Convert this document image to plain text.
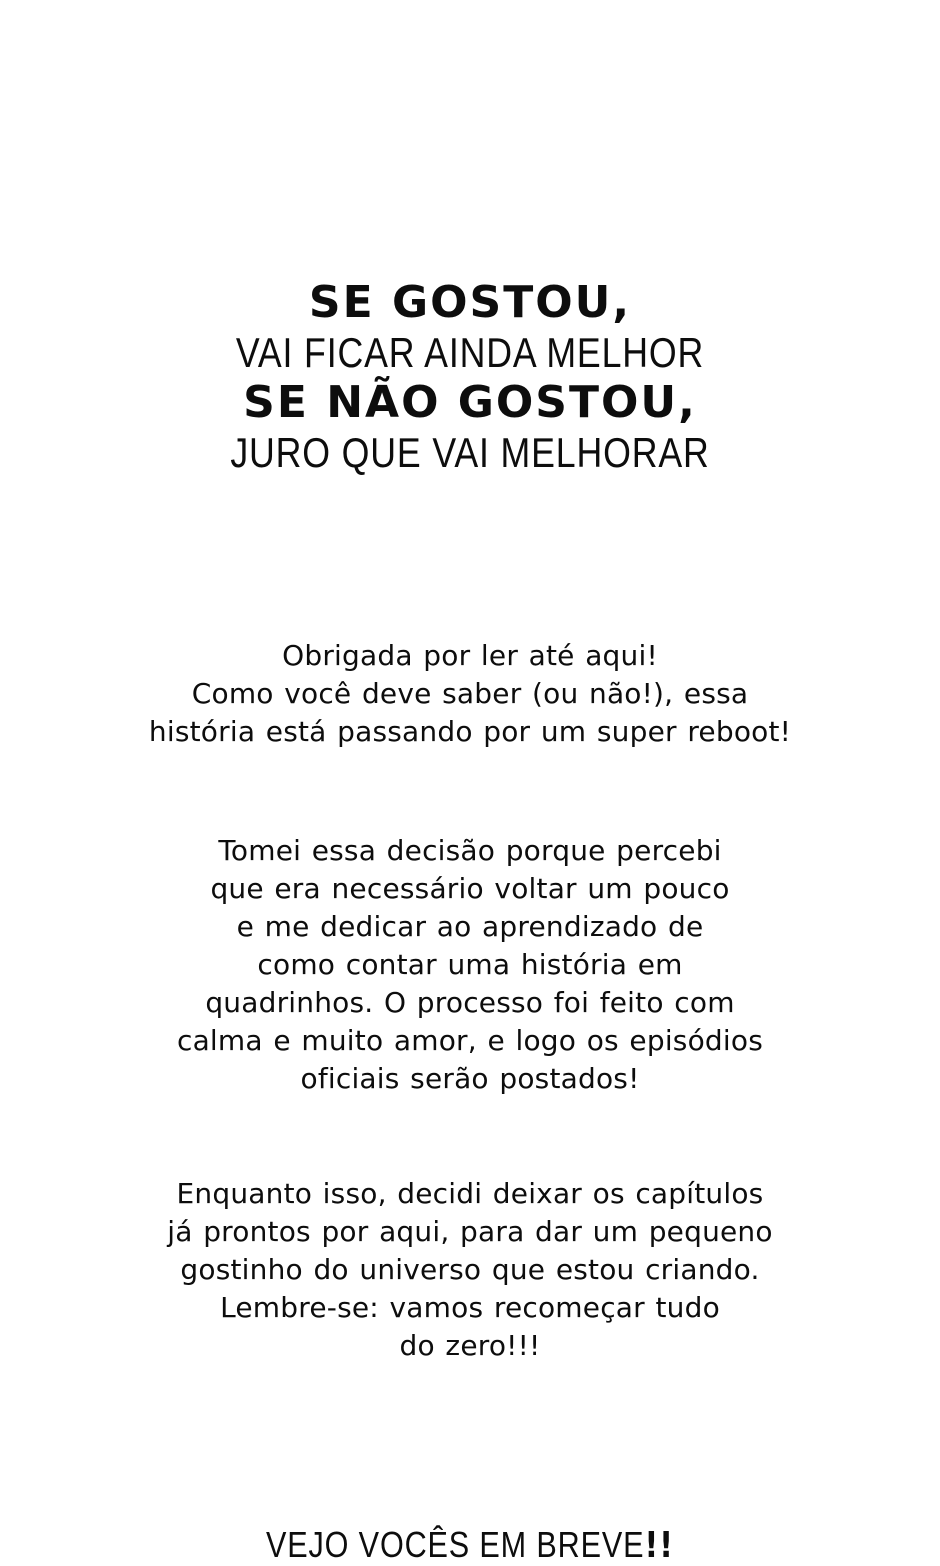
SE GOSTOU,
VAI FICAR AINDA MELHOR
SE NÃO GOSTOU,
JURO QUE VAI MELHORAR
Obrigada por ler até aqui!
Como você deve saber (ou não!), essa
história está passando por um super reboot!
Tomei essa decisão porque percebi
que era necessário voltar um pouco
e me dedicar ao aprendizado de
como contar uma história em
quadrinhos. O processo foi feito com
calma e muito amor, e logo os episódios
oficiais serão postados!
Enquanto isso, decidi deixar os capítulos
já prontos por aqui, para dar um pequeno
gostinho do universo que estou criando.
Lembre-se: vamos recomeçar tudo
do zero!!!
VEJO VOCÊS EM BREVE!!
